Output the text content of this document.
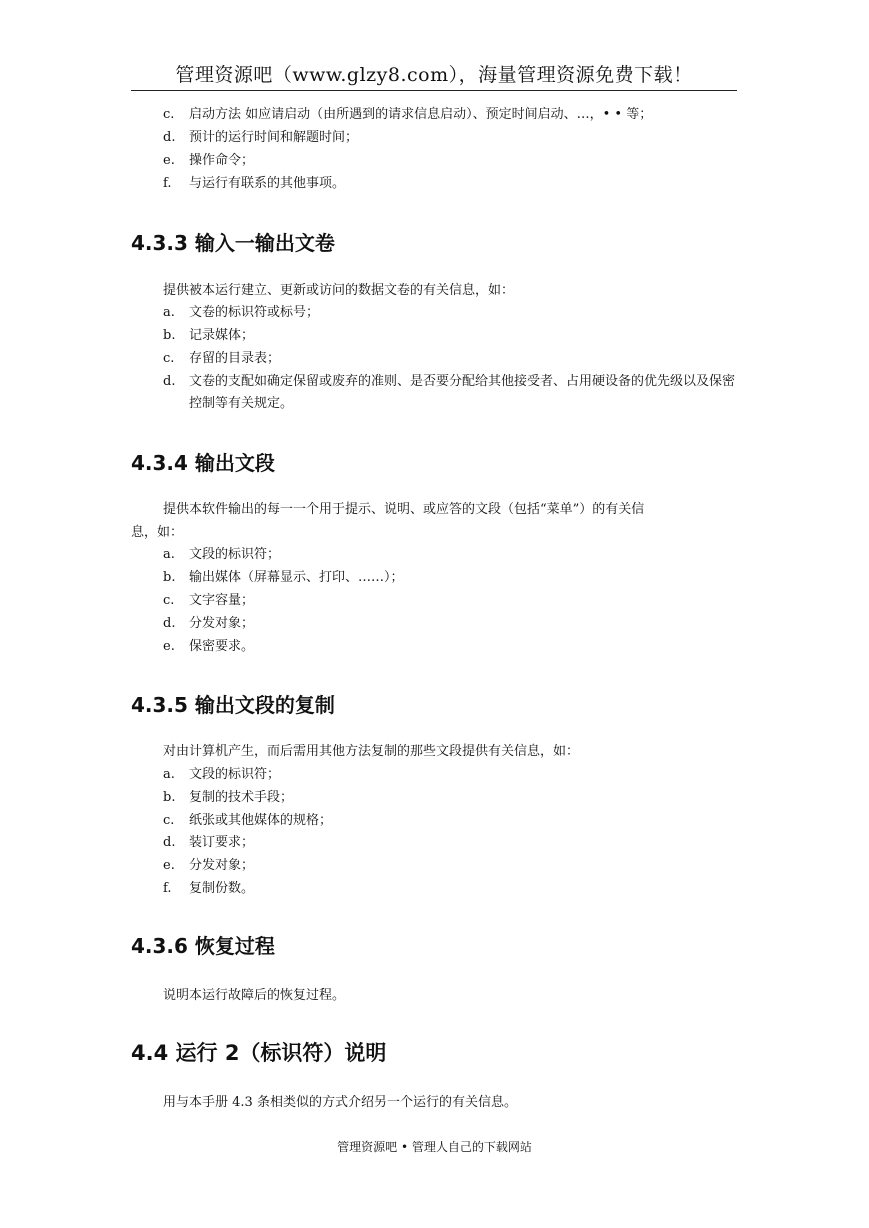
管理资源吧（www.glzy8.com），海量管理资源免费下载！
c. 启动方法 如应请启动（由所遇到的请求信息启动）、预定时间启动、…，• • 等；
d. 预计的运行时间和解题时间；
e. 操作命令；
f. 与运行有联系的其他事项。
4.3.3 输入一输出文卷
提供被本运行建立、更新或访问的数据文卷的有关信息，如：
a. 文卷的标识符或标号；
b. 记录媒体；
c. 存留的目录表；
d. 文卷的支配如确定保留或废弃的准则、是否要分配给其他接受者、占用硬设备的优先级以及保密控制等有关规定。
4.3.4 输出文段
提供本软件输出的每一一个用于提示、说明、或应答的文段（包括“菜单”）的有关信
息，如：
a. 文段的标识符；
b. 输出媒体（屏幕显示、打印、……）；
c. 文字容量；
d. 分发对象；
e. 保密要求。
4.3.5 输出文段的复制
对由计算机产生，而后需用其他方法复制的那些文段提供有关信息，如：
a. 文段的标识符；
b. 复制的技术手段；
c. 纸张或其他媒体的规格；
d. 装订要求；
e. 分发对象；
f. 复制份数。
4.3.6 恢复过程
说明本运行故障后的恢复过程。
4.4 运行 2（标识符）说明
用与本手册 4.3 条相类似的方式介绍另一个运行的有关信息。
管理资源吧 • 管理人自己的下载网站
